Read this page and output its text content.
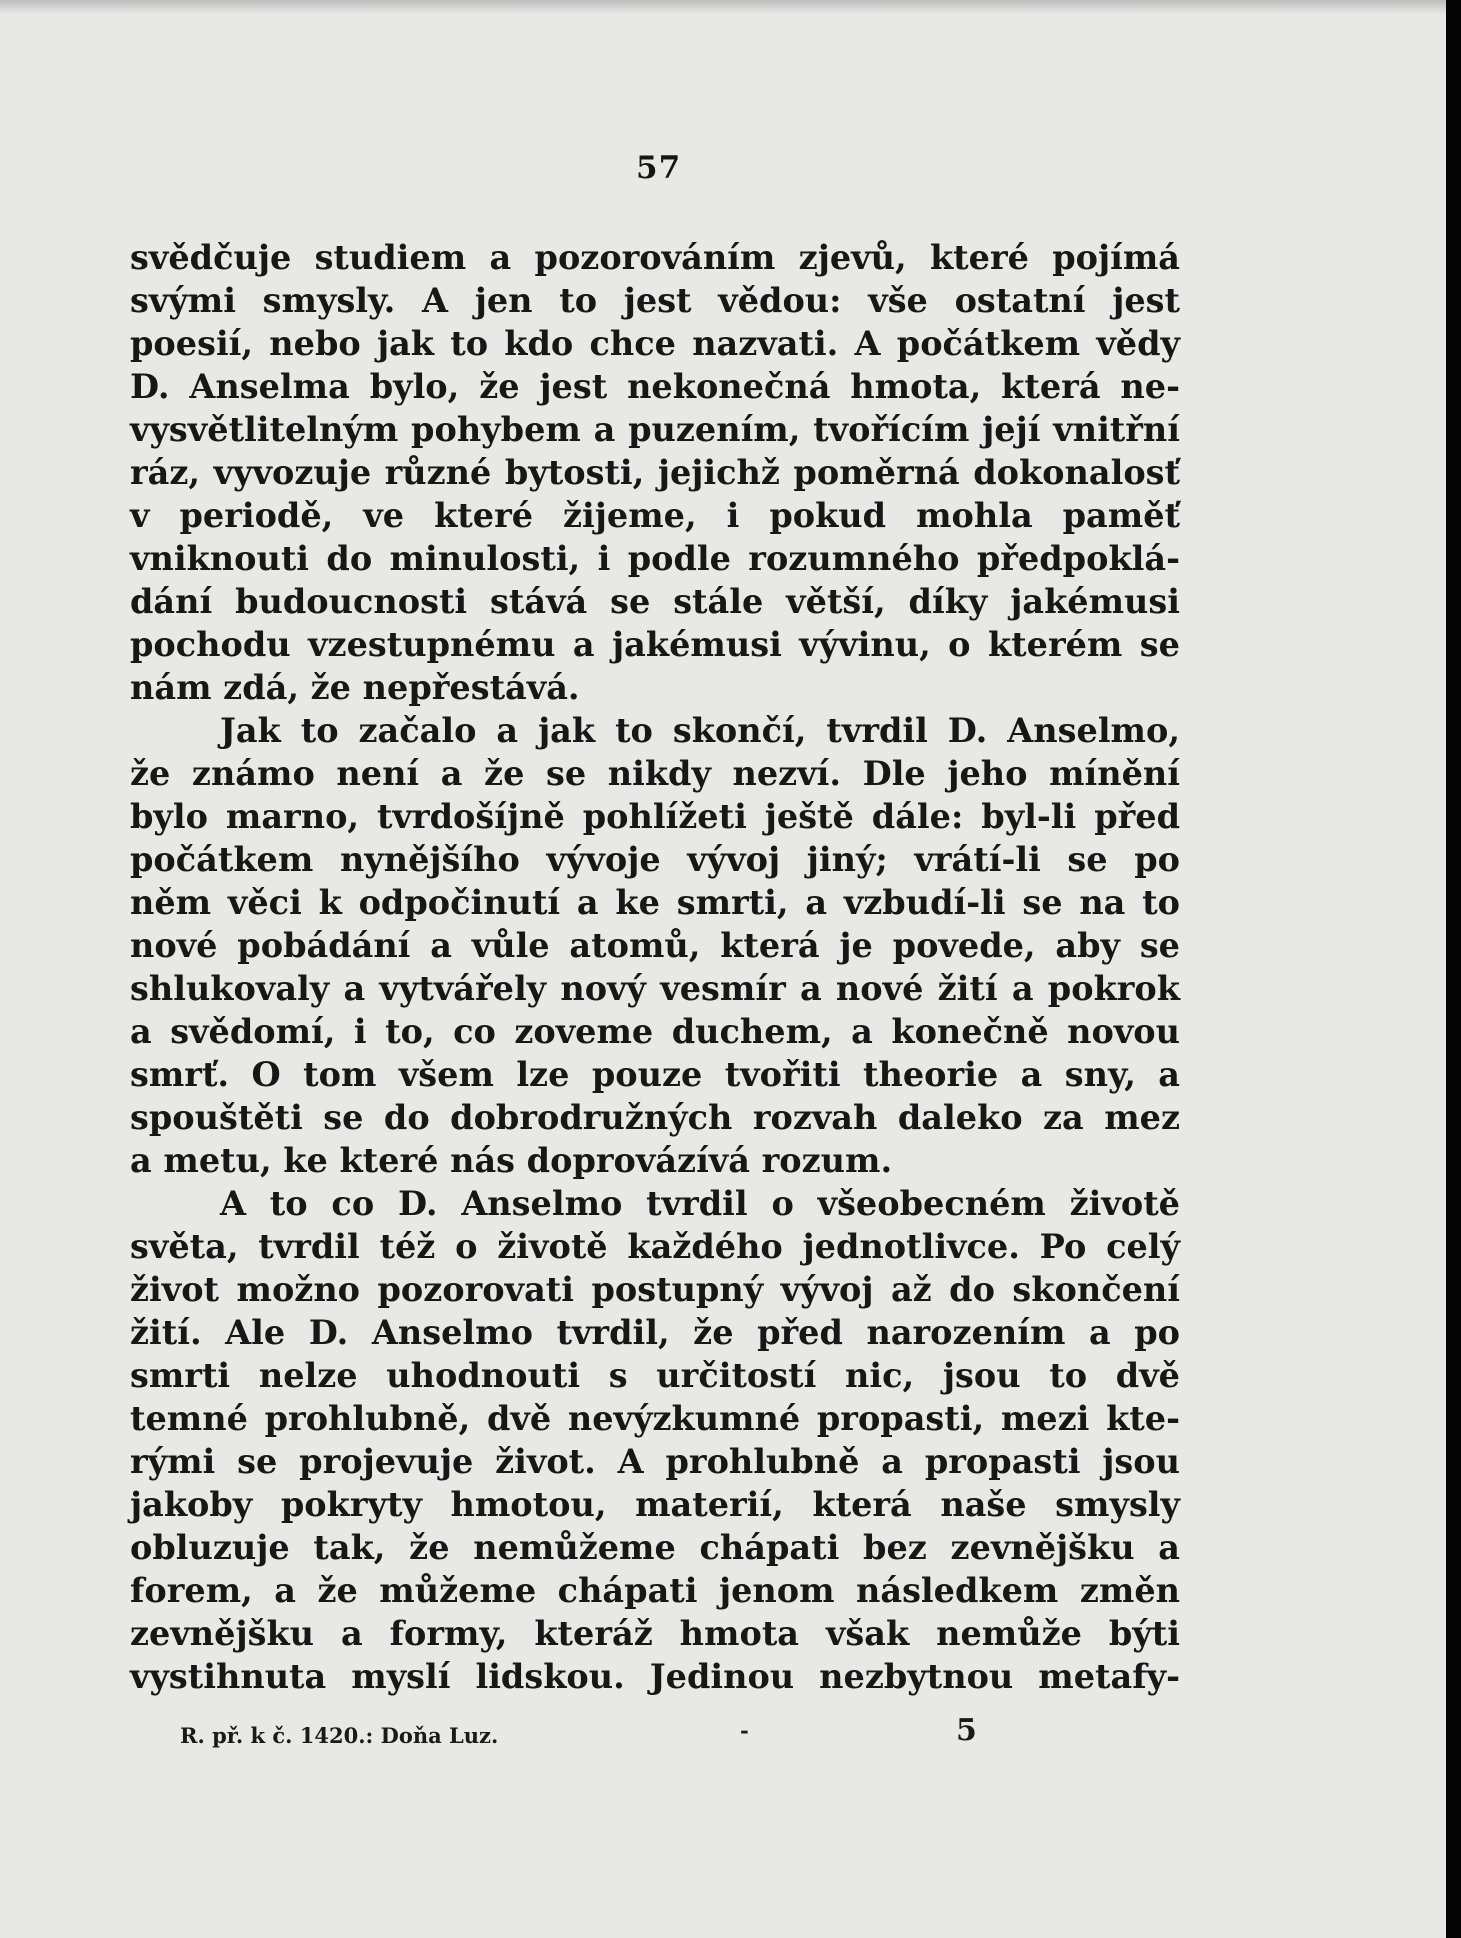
57
svědčuje studiem a pozorováním zjevů, které pojímá
svými smysly. A jen to jest vědou: vše ostatní jest
poesií, nebo jak to kdo chce nazvati. A počátkem vědy
D. Anselma bylo, že jest nekonečná hmota, která ne-
vysvětlitelným pohybem a puzením, tvořícím její vnitřní
ráz, vyvozuje různé bytosti, jejichž poměrná dokonalosť
v periodě, ve které žijeme, i pokud mohla paměť
vniknouti do minulosti, i podle rozumného předpoklá-
dání budoucnosti stává se stále větší, díky jakémusi
pochodu vzestupnému a jakémusi vývinu, o kterém se
nám zdá, že nepřestává.
Jak to začalo a jak to skončí, tvrdil D. Anselmo,
že známo není a že se nikdy nezví. Dle jeho mínění
bylo marno, tvrdošíjně pohlížeti ještě dále: byl-li před
počátkem nynějšího vývoje vývoj jiný; vrátí-li se po
něm věci k odpočinutí a ke smrti, a vzbudí-li se na to
nové pobádání a vůle atomů, která je povede, aby se
shlukovaly a vytvářely nový vesmír a nové žití a pokrok
a svědomí, i to, co zoveme duchem, a konečně novou
smrť. O tom všem lze pouze tvořiti theorie a sny, a
spouštěti se do dobrodružných rozvah daleko za mez
a metu, ke které nás doprovázívá rozum.
A to co D. Anselmo tvrdil o všeobecném životě
světa, tvrdil též o životě každého jednotlivce. Po celý
život možno pozorovati postupný vývoj až do skončení
žití. Ale D. Anselmo tvrdil, že před narozením a po
smrti nelze uhodnouti s určitostí nic, jsou to dvě
temné prohlubně, dvě nevýzkumné propasti, mezi kte-
rými se projevuje život. A prohlubně a propasti jsou
jakoby pokryty hmotou, materií, která naše smysly
obluzuje tak, že nemůžeme chápati bez zevnějšku a
forem, a že můžeme chápati jenom následkem změn
zevnějšku a formy, kteráž hmota však nemůže býti
vystihnuta myslí lidskou. Jedinou nezbytnou metafy-
R. př. k č. 1420.: Doňa Luz.	-	5
